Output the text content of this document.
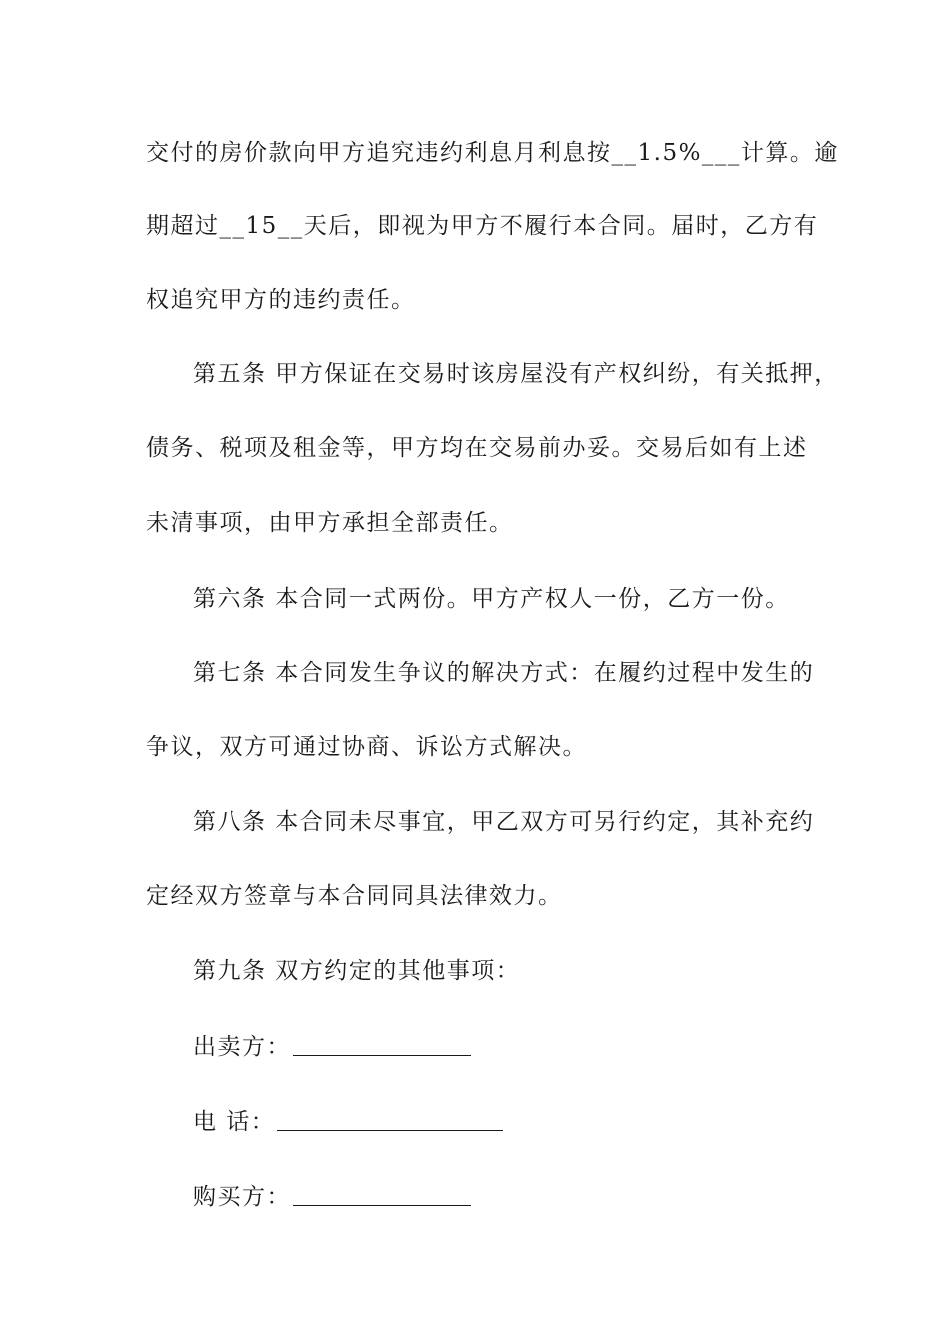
交付的房价款向甲方追究违约利息月利息按__1.5%___计算。逾
期超过__15__天后，即视为甲方不履行本合同。届时，乙方有
权追究甲方的违约责任。
第五条 甲方保证在交易时该房屋没有产权纠纷，有关抵押，
债务、税项及租金等，甲方均在交易前办妥。交易后如有上述
未清事项，由甲方承担全部责任。
第六条 本合同一式两份。甲方产权人一份，乙方一份。
第七条 本合同发生争议的解决方式：在履约过程中发生的
争议，双方可通过协商、诉讼方式解决。
第八条 本合同未尽事宜，甲乙双方可另行约定，其补充约
定经双方签章与本合同同具法律效力。
第九条 双方约定的其他事项：
出卖方：
电 话：
购买方：
